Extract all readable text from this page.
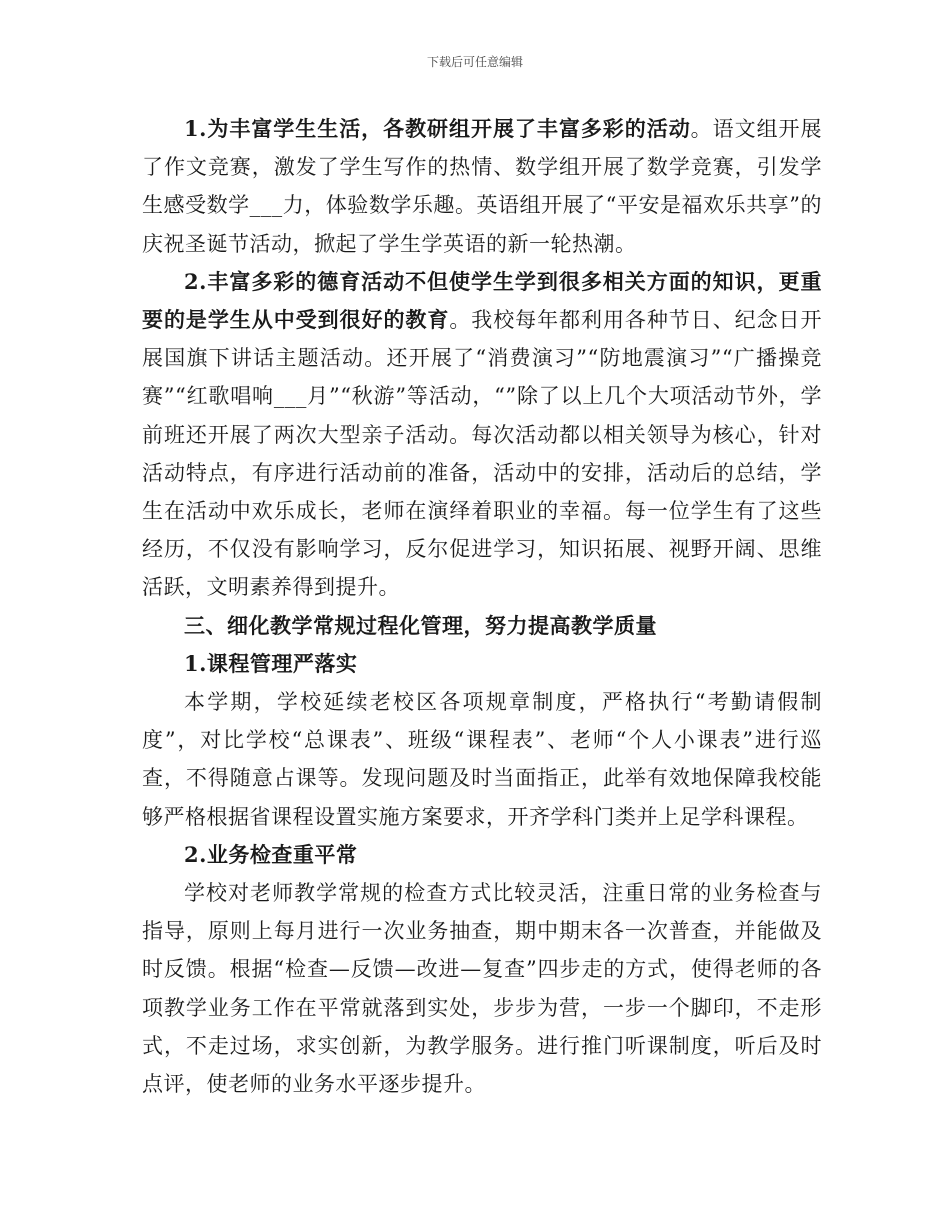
下载后可任意编辑

1.为丰富学生生活，各教研组开展了丰富多彩的活动。语文组开展了作文竞赛，激发了学生写作的热情、数学组开展了数学竞赛，引发学生感受数学___力，体验数学乐趣。英语组开展了“平安是福欢乐共享”的庆祝圣诞节活动，掀起了学生学英语的新一轮热潮。

2.丰富多彩的德育活动不但使学生学到很多相关方面的知识，更重要的是学生从中受到很好的教育。我校每年都利用各种节日、纪念日开展国旗下讲话主题活动。还开展了“消费演习”“防地震演习”“广播操竞赛”“红歌唱响___月”“秋游”等活动，“”除了以上几个大项活动节外，学前班还开展了两次大型亲子活动。每次活动都以相关领导为核心，针对活动特点，有序进行活动前的准备，活动中的安排，活动后的总结，学生在活动中欢乐成长，老师在演绎着职业的幸福。每一位学生有了这些经历，不仅没有影响学习，反尔促进学习，知识拓展、视野开阔、思维活跃，文明素养得到提升。

三、细化教学常规过程化管理，努力提高教学质量

1.课程管理严落实

本学期，学校延续老校区各项规章制度，严格执行“考勤请假制度”，对比学校“总课表”、班级“课程表”、老师“个人小课表”进行巡查，不得随意占课等。发现问题及时当面指正，此举有效地保障我校能够严格根据省课程设置实施方案要求，开齐学科门类并上足学科课程。

2.业务检查重平常

学校对老师教学常规的检查方式比较灵活，注重日常的业务检查与指导，原则上每月进行一次业务抽查，期中期末各一次普查，并能做及时反馈。根据“检查—反馈—改进—复查”四步走的方式，使得老师的各项教学业务工作在平常就落到实处，步步为营，一步一个脚印，不走形式，不走过场，求实创新，为教学服务。进行推门听课制度，听后及时点评，使老师的业务水平逐步提升。
